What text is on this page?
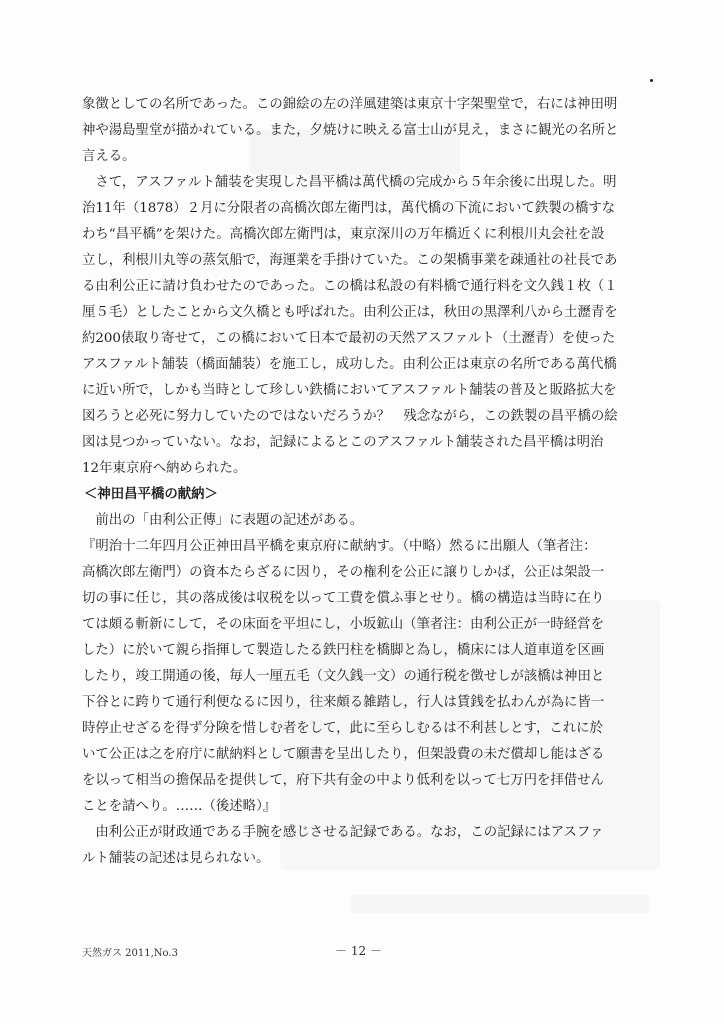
象徴としての名所であった。この錦絵の左の洋風建築は東京十字架聖堂で，右には神田明
神や湯島聖堂が描かれている。また，夕焼けに映える富士山が見え，まさに観光の名所と
言える。
　さて，アスファルト舗装を実現した昌平橋は萬代橋の完成から５年余後に出現した。明
治11年（1878）２月に分限者の高橋次郎左衛門は，萬代橋の下流において鉄製の橋すな
わち“昌平橋”を架けた。高橋次郎左衛門は，東京深川の万年橋近くに利根川丸会社を設
立し，利根川丸等の蒸気船で，海運業を手掛けていた。この架橋事業を疎通社の社長であ
る由利公正に請け負わせたのであった。この橋は私設の有料橋で通行料を文久銭１枚（１
厘５毛）としたことから文久橋とも呼ばれた。由利公正は，秋田の黒澤利八から土瀝青を
約200俵取り寄せて，この橋において日本で最初の天然アスファルト（土瀝青）を使った
アスファルト舗装（橋面舗装）を施工し，成功した。由利公正は東京の名所である萬代橋
に近い所で，しかも当時として珍しい鉄橋においてアスファルト舗装の普及と販路拡大を
図ろうと必死に努力していたのではないだろうか？　残念ながら，この鉄製の昌平橋の絵
図は見つかっていない。なお，記録によるとこのアスファルト舗装された昌平橋は明治
12年東京府へ納められた。
＜神田昌平橋の献納＞
　前出の「由利公正傳」に表題の記述がある。
『明治十二年四月公正神田昌平橋を東京府に献納す。（中略）然るに出願人（筆者注：
高橋次郎左衛門）の資本たらざるに因り，その権利を公正に譲りしかば，公正は架設一
切の事に任じ，其の落成後は収税を以って工費を償ふ事とせり。橋の構造は当時に在り
ては頗る斬新にして，その床面を平坦にし，小坂鉱山（筆者注：由利公正が一時経営を
した）に於いて親ら指揮して製造したる鉄円柱を橋脚と為し，橋床には人道車道を区画
したり，竣工開通の後，毎人一厘五毛（文久銭一文）の通行税を徴せしが該橋は神田と
下谷とに跨りて通行利便なるに因り，往来頗る雑踏し，行人は賃銭を払わんが為に皆一
時停止せざるを得ず分険を惜しむ者をして，此に至らしむるは不利甚しとす，これに於
いて公正は之を府庁に献納料として願書を呈出したり，但架設費の未だ償却し能はざる
を以って相当の擔保品を提供して，府下共有金の中より低利を以って七万円を拝借せん
ことを請へり。……（後述略）』
　由利公正が財政通である手腕を感じさせる記録である。なお，この記録にはアスファ
ルト舗装の記述は見られない。
天然ガス 2011,No.3	－ 12 －
